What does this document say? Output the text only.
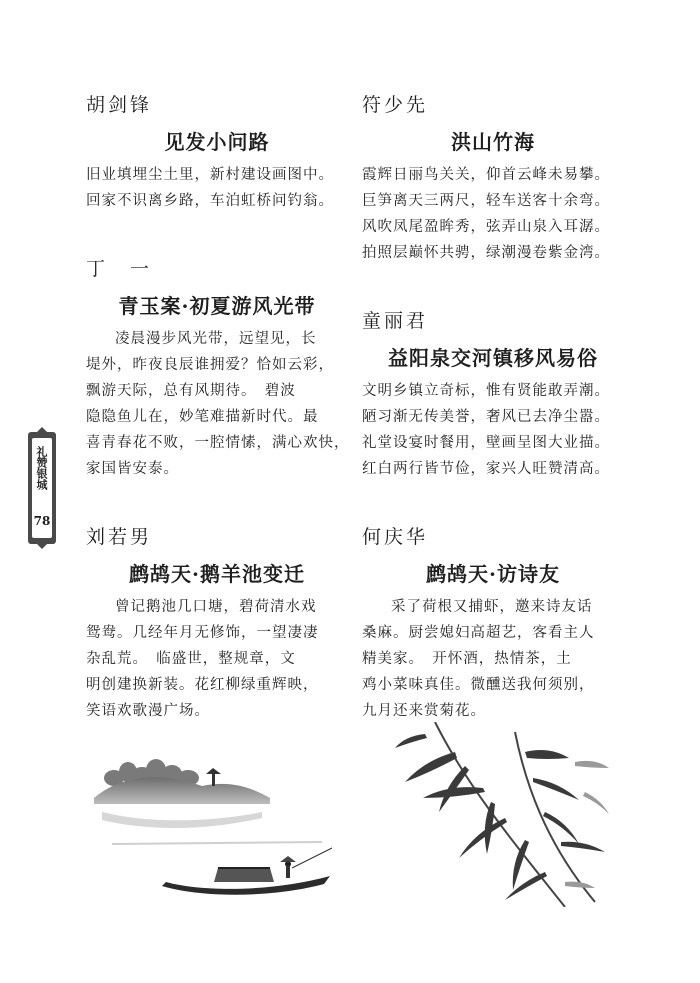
胡剑锋

见发小问路

旧业填埋尘土里，新村建设画图中。

回家不识离乡路，车泊虹桥问钓翁。

丁　一

青玉案·初夏游风光带

凌晨漫步风光带，远望见，长

堤外，昨夜良辰谁拥爱？恰如云彩，

飘游天际，总有风期待。　碧波

隐隐鱼儿在，妙笔难描新时代。最

喜青春花不败，一腔情愫，满心欢快，

家国皆安泰。

刘若男

鹧鸪天·鹅羊池变迁

曾记鹅池几口塘，碧荷清水戏

鸳鸯。几经年月无修饰，一望凄凄

杂乱荒。　临盛世，整规章，文

明创建换新装。花红柳绿重辉映，

笑语欢歌漫广场。

符少先

洪山竹海

霞辉日丽鸟关关，仰首云峰未易攀。

巨笋离天三两尺，轻车送客十余弯。

风吹凤尾盈眸秀，弦弄山泉入耳潺。

拍照层巅怀共骋，绿潮漫卷紫金湾。

童丽君

益阳泉交河镇移风易俗

文明乡镇立奇标，惟有贤能敢弄潮。

陋习渐无传美誉，奢风已去净尘嚣。

礼堂设宴时餐用，壁画呈图大业描。

红白两行皆节俭，家兴人旺赞清高。

何庆华

鹧鸪天·访诗友

采了荷根又捕虾，邀来诗友话

桑麻。厨尝媳妇高超艺，客看主人

精美家。　开怀酒，热情茶，土

鸡小菜味真佳。微醺送我何须别，

九月还来赏菊花。

礼赞银城
78
